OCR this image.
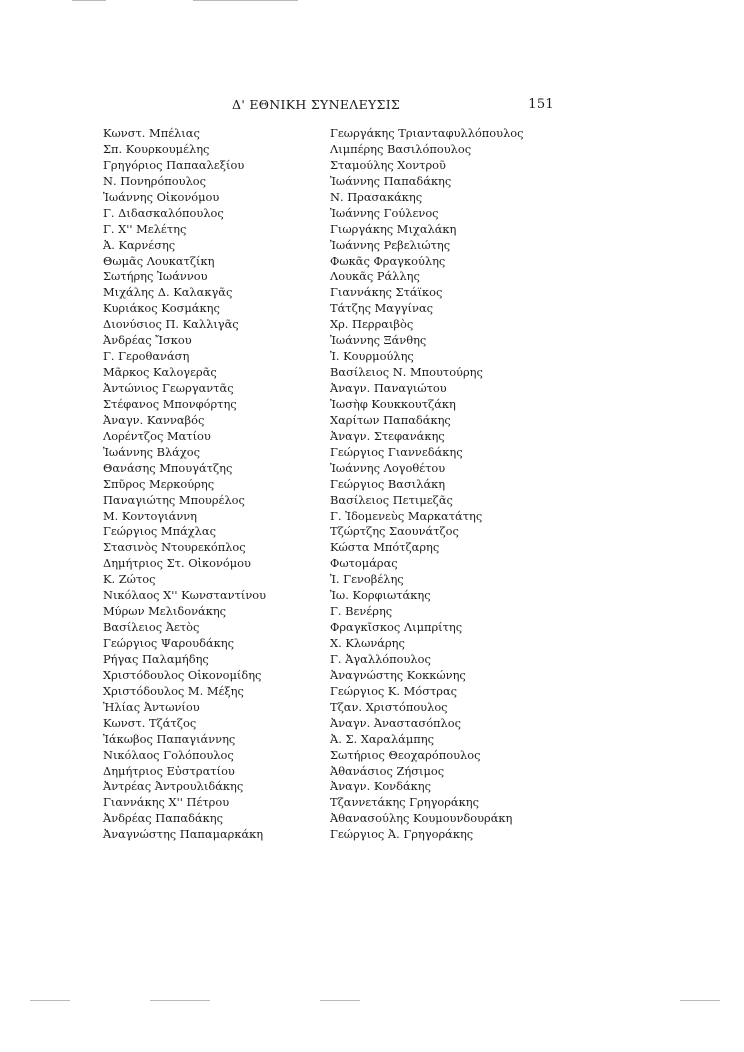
Δ' ΕΘΝΙΚΗ ΣΥΝΕΛΕΥΣΙΣ	151
Κωνστ. Μπέλιας
Σπ. Κουρκουμέλης
Γρηγόριος Παπααλεξίου
Ν. Πονηρόπουλος
Ἰωάννης Οἰκονόμου
Γ. Διδασκαλόπουλος
Γ. Χ'' Μελέτης
Ἀ. Καρνέσης
Θωμᾶς Λουκατζίκη
Σωτήρης Ἰωάννου
Μιχάλης Δ. Καλακγᾶς
Κυριάκος Κοσμάκης
Διονύσιος Π. Καλλιγᾶς
Ἀνδρέας Ἴσκου
Γ. Γεροθανάση
Μᾶρκος Καλογερᾶς
Ἀντώνιος Γεωργαντᾶς
Στέφανος Μπονφόρτης
Ἀναγν. Κανναβός
Λορέντζος Ματίου
Ἰωάννης Βλάχος
Θανάσης Μπουγάτζης
Σπῦρος Μερκούρης
Παναγιώτης Μπουρέλος
Μ. Κοντογιάννη
Γεώργιος Μπάχλας
Στασινὸς Ντουρεκόπλος
Δημήτριος Στ. Οἰκονόμου
Κ. Ζώτος
Νικόλαος Χ'' Κωνσταντίνου
Μύρων Μελιδονάκης
Βασίλειος Ἀετὸς
Γεώργιος Ψαρουδάκης
Ρήγας Παλαμήδης
Χριστόδουλος Οἰκονομίδης
Χριστόδουλος Μ. Μέξης
Ἠλίας Ἀντωνίου
Κωνστ. Τζάτζος
Ἰάκωβος Παπαγιάννης
Νικόλαος Γολόπουλος
Δημήτριος Εὐστρατίου
Ἀντρέας Ἀντρουλιδάκης
Γιαννάκης Χ'' Πέτρου
Ἀνδρέας Παπαδάκης
Ἀναγνώστης Παπαμαρκάκη
Γεωργάκης Τριανταφυλλόπουλος
Λιμπέρης Βασιλόπουλος
Σταμούλης Χοντροῦ
Ἰωάννης Παπαδάκης
Ν. Πρασακάκης
Ἰωάννης Γούλενος
Γιωργάκης Μιχαλάκη
Ἰωάννης Ρεβελιώτης
Φωκᾶς Φραγκούλης
Λουκᾶς Ράλλης
Γιαννάκης Στάϊκος
Τάτζης Μαγγίνας
Χρ. Περραιβὸς
Ἰωάννης Ξάνθης
Ἰ. Κουρμούλης
Βασίλειος Ν. Μπουτούρης
Ἀναγν. Παναγιώτου
Ἰωσὴφ Κουκκουτζάκη
Χαρίτων Παπαδάκης
Ἀναγν. Στεφανάκης
Γεώργιος Γιαννεδάκης
Ἰωάννης Λογοθέτου
Γεώργιος Βασιλάκη
Βασίλειος Πετιμεζᾶς
Γ. Ἰδομενεὺς Μαρκατάτης
Τζώρτζης Σαουνάτζος
Κώστα Μπότζαρης
Φωτομάρας
Ἰ. Γενοβέλης
Ἰω. Κορφιωτάκης
Γ. Βενέρης
Φραγκῖσκος Λιμπρίτης
Χ. Κλωνάρης
Γ. Ἀγαλλόπουλος
Ἀναγνώστης Κοκκώνης
Γεώργιος Κ. Μόστρας
Τζαν. Χριστόπουλος
Ἀναγν. Ἀναστασόπλος
Ἀ. Σ. Χαραλάμπης
Σωτήριος Θεοχαρόπουλος
Ἀθανάσιος Ζήσιμος
Ἀναγν. Κονδάκης
Τζαννετάκης Γρηγοράκης
Ἀθανασούλης Κουμουνδουράκη
Γεώργιος Ἀ. Γρηγοράκης
